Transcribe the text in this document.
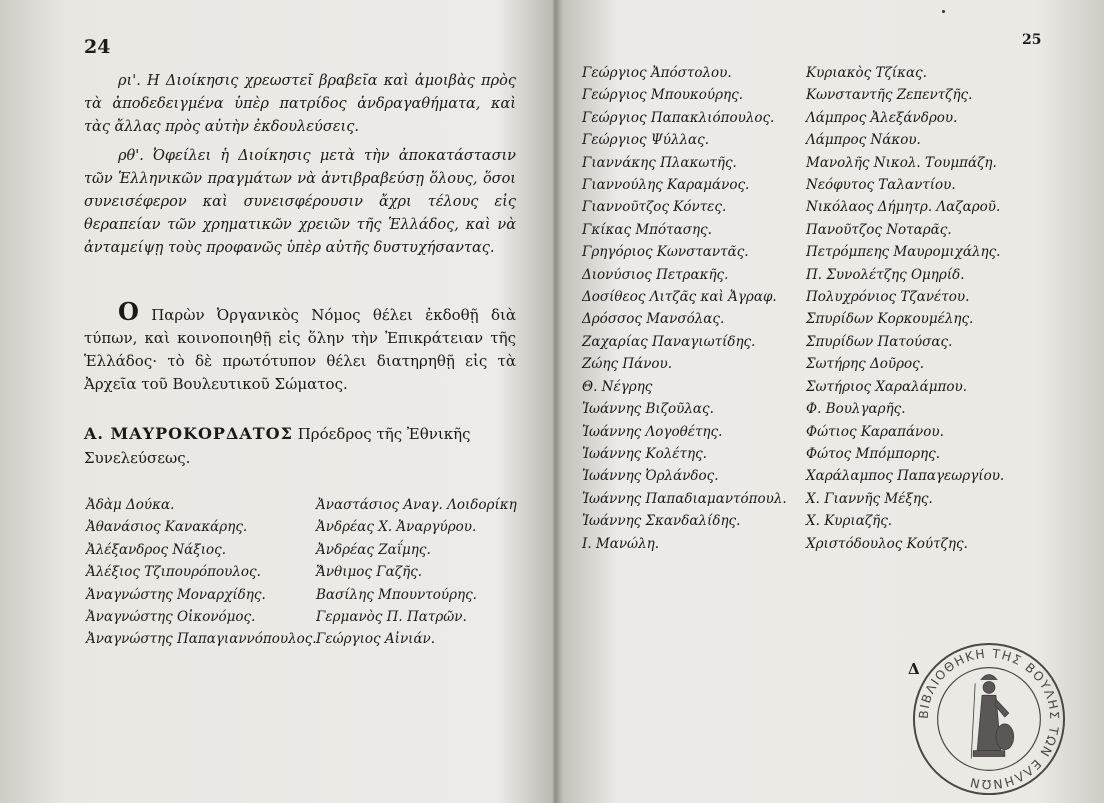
24

ρι'. Η Διοίκησις χρεωστεῖ βραβεῖα καὶ ἀμοιβὰς πρὸς τὰ ἀποδεδειγμένα ὑπὲρ πατρίδος ἀνδραγαθήματα, καὶ τὰς ἄλλας πρὸς αὐτὴν ἐκδουλεύσεις.

ρθ'. Ὀφείλει ἡ Διοίκησις μετὰ τὴν ἀποκατάστασιν τῶν Ἑλληνικῶν πραγμάτων νὰ ἀντιβραβεύσῃ ὅλους, ὅσοι συνεισέφερον καὶ συνεισφέρουσιν ἄχρι τέλους εἰς θεραπείαν τῶν χρηματικῶν χρειῶν τῆς Ἑλλάδος, καὶ νὰ ἀνταμείψῃ τοὺς προφανῶς ὑπὲρ αὐτῆς δυστυχήσαντας.

Ο Παρὼν Ὀργανικὸς Νόμος θέλει ἐκδοθῇ διὰ τύπων, καὶ κοινοποιηθῇ εἰς ὅλην τὴν Ἐπικράτειαν τῆς Ἑλλάδος· τὸ δὲ πρωτότυπον θέλει διατηρηθῇ εἰς τὰ Ἀρχεῖα τοῦ Βουλευτικοῦ Σώματος.

Α. ΜΑΥΡΟΚΟΡΔΑΤΟΣ Πρόεδρος τῆς Ἐθνικῆς Συνελεύσεως.
Ἀδὰμ Δούκα.
Ἀθανάσιος Κανακάρης.
Ἀλέξανδρος Νάξιος.
Ἀλέξιος Τζιπουρόπουλος.
Ἀναγνώστης Μοναρχίδης.
Ἀναγνώστης Οἰκονόμος.
Ἀναγνώστης Παπαγιαννόπουλος.
Ἀναστάσιος Αναγ. Λοιδορίκη
Ἀνδρέας Χ. Ἀναργύρου.
Ἀνδρέας Ζαΐμης.
Ἄνθιμος Γαζῆς.
Βασίλης Μπουντούρης.
Γερμανὸς Π. Πατρῶν.
Γεώργιος Αἰνιάν.
25
Γεώργιος Ἀπόστολου.
Γεώργιος Μπουκούρης.
Γεώργιος Παπακλιόπουλος.
Γεώργιος Ψύλλας.
Γιαννάκης Πλακωτῆς.
Γιαννούλης Καραμάνος.
Γιαννοῦτζος Κόντες.
Γκίκας Μπότασης.
Γρηγόριος Κωνσταντᾶς.
Διονύσιος Πετρακῆς.
Δοσίθεος Λιτζᾶς καὶ Ἀγραφ.
Δρόσσος Μανσόλας.
Ζαχαρίας Παναγιωτίδης.
Ζώης Πάνου.
Θ. Νέγρης
Ἰωάννης Βιζοῦλας.
Ἰωάννης Λογοθέτης.
Ἰωάννης Κολέτης.
Ἰωάννης Ὀρλάνδος.
Ἰωάννης Παπαδιαμαντόπουλ.
Ἰωάννης Σκανδαλίδης.
Ι. Μανώλη.
Κυριακὸς Τζίκας.
Κωνσταντῆς Ζεπεντζῆς.
Λάμπρος Ἀλεξάνδρου.
Λάμπρος Νάκου.
Μανολῆς Νικολ. Τουμπάζη.
Νεόφυτος Ταλαντίου.
Νικόλαος Δήμητρ. Λαζαροῦ.
Πανοῦτζος Νοταρᾶς.
Πετρόμπεης Μαυρομιχάλης.
Π. Συνολέτζης Ομηρίδ.
Πολυχρόνιος Τζανέτου.
Σπυρίδων Κορκουμέλης.
Σπυρίδων Πατούσας.
Σωτήρης Δοῦρος.
Σωτήριος Χαραλάμπου.
Φ. Βουλγαρῆς.
Φώτιος Καραπάνου.
Φώτος Μπόμπορης.
Χαράλαμπος Παπαγεωργίου.
Χ. Γιαννῆς Μέξης.
Χ. Κυριαζῆς.
Χριστόδουλος Κούτζης.
Δ
ΒΙΒΛΙΟΘΗΚΗ ΤΗΣ ΒΟΥΛΗΣ ΤΩΝ ΕΛΛΗΝΩΝ
